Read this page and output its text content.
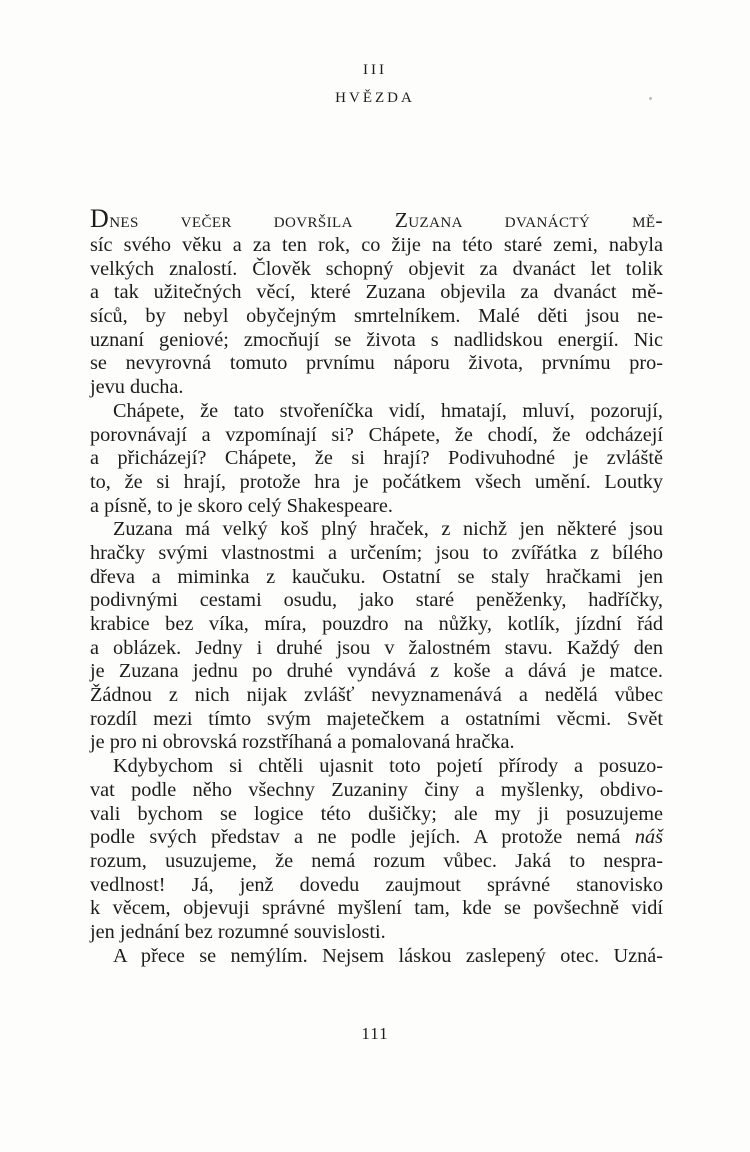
III
HVĚZDA
Dnes večer dovršila Zuzana dvanáctý mě-
síc svého věku a za ten rok, co žije na této staré zemi, nabyla
velkých znalostí. Člověk schopný objevit za dvanáct let tolik
a tak užitečných věcí, které Zuzana objevila za dvanáct mě-
síců, by nebyl obyčejným smrtelníkem. Malé děti jsou ne-
uznaní geniové; zmocňují se života s nadlidskou energií. Nic
se nevyrovná tomuto prvnímu náporu života, prvnímu pro-
jevu ducha.
Chápete, že tato stvořeníčka vidí, hmatají, mluví, pozorují,
porovnávají a vzpomínají si? Chápete, že chodí, že odcházejí
a přicházejí? Chápete, že si hrají? Podivuhodné je zvláště
to, že si hrají, protože hra je počátkem všech umění. Loutky
a písně, to je skoro celý Shakespeare.
Zuzana má velký koš plný hraček, z nichž jen některé jsou
hračky svými vlastnostmi a určením; jsou to zvířátka z bílého
dřeva a miminka z kaučuku. Ostatní se staly hračkami jen
podivnými cestami osudu, jako staré peněženky, hadříčky,
krabice bez víka, míra, pouzdro na nůžky, kotlík, jízdní řád
a oblázek. Jedny i druhé jsou v žalostném stavu. Každý den
je Zuzana jednu po druhé vyndává z koše a dává je matce.
Žádnou z nich nijak zvlášť nevyznamenává a nedělá vůbec
rozdíl mezi tímto svým majetečkem a ostatními věcmi. Svět
je pro ni obrovská rozstříhaná a pomalovaná hračka.
Kdybychom si chtěli ujasnit toto pojetí přírody a posuzo-
vat podle něho všechny Zuzaniny činy a myšlenky, obdivo-
vali bychom se logice této dušičky; ale my ji posuzujeme
podle svých představ a ne podle jejích. A protože nemá náš
rozum, usuzujeme, že nemá rozum vůbec. Jaká to nespra-
vedlnost! Já, jenž dovedu zaujmout správné stanovisko
k věcem, objevuji správné myšlení tam, kde se povšechně vidí
jen jednání bez rozumné souvislosti.
A přece se nemýlím. Nejsem láskou zaslepený otec. Uzná-
111
